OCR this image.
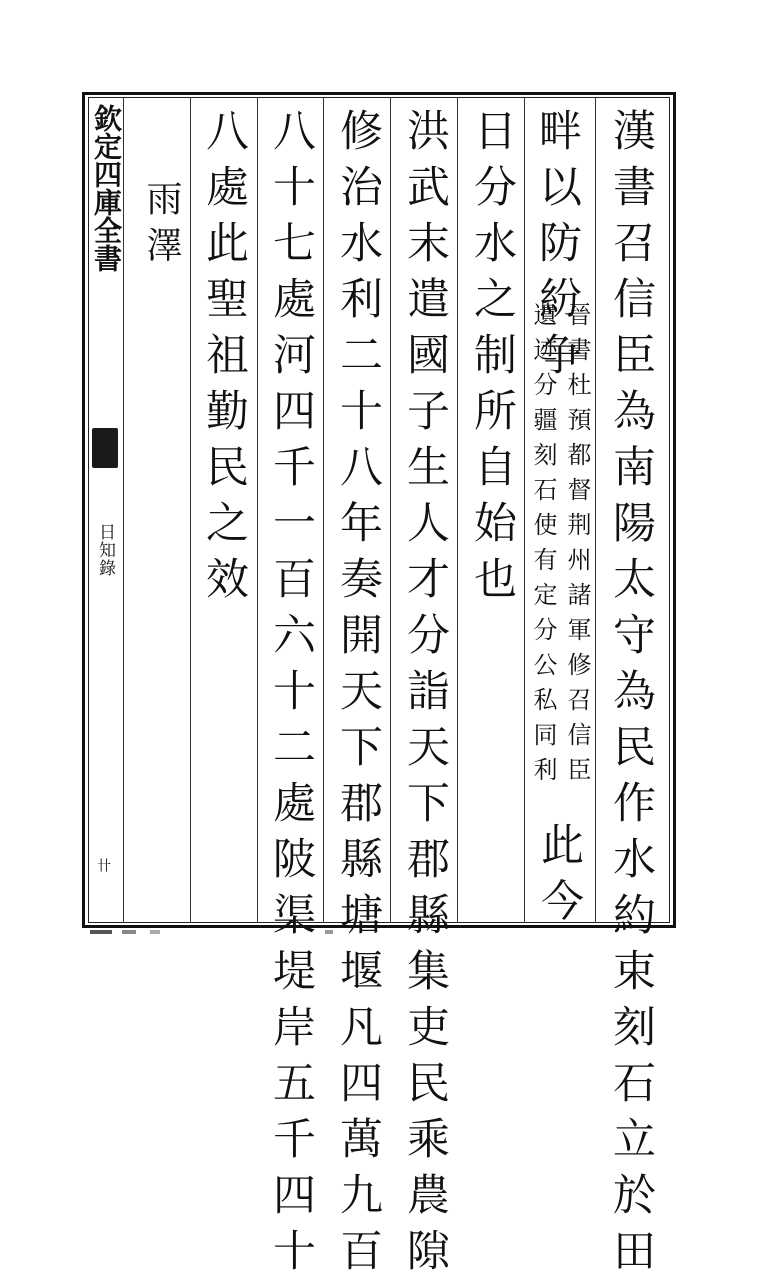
欽定四庫全書
日知錄
卄	漢書召信臣為南陽太守為民作水約束刻石立於田
畔以防紛争
晉書杜預都督荆州諸軍修召信臣
遺迹分疆刻石使有定分公私同利
此今
日分水之制所自始也
洪武末遣國子生人才分詣天下郡縣集吏民乘農隙
修治水利二十八年奏開天下郡縣塘堰凡四萬九百
八十七處河四千一百六十二處陂渠堤岸五千四十
八處此聖祖勤民之效
雨澤
